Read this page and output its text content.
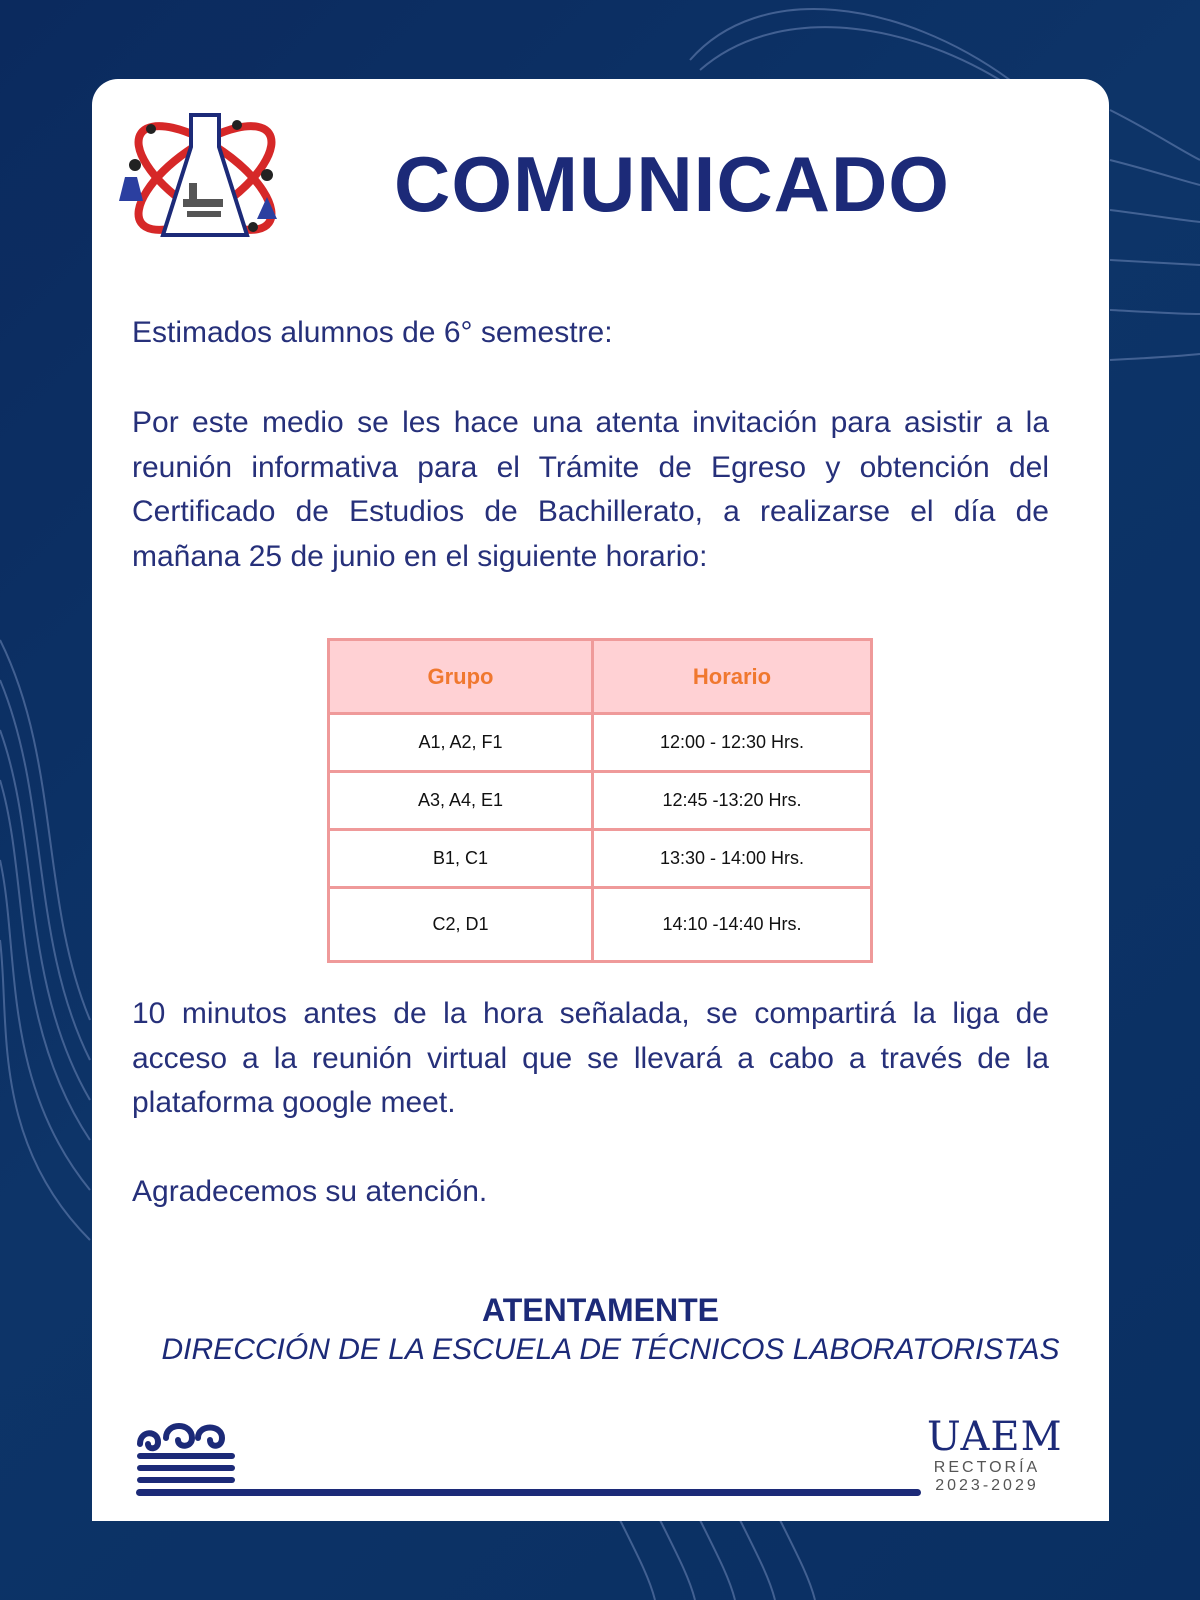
COMUNICADO
Estimados alumnos de 6° semestre:
Por este medio se les hace una atenta invitación para asistir a la reunión informativa para el Trámite de Egreso y obtención del Certificado de Estudios de Bachillerato, a realizarse el día de mañana 25 de junio en el siguiente horario:
Grupo	Horario
A1, A2, F1	12:00 - 12:30 Hrs.
A3, A4, E1	12:45 -13:20 Hrs.
B1, C1	13:30 - 14:00 Hrs.
C2, D1	14:10 -14:40 Hrs.
10 minutos antes de la hora señalada, se compartirá la liga de acceso a la reunión virtual que se llevará a cabo a través de la plataforma google meet.
Agradecemos su atención.
ATENTAMENTE
DIRECCIÓN DE LA ESCUELA DE TÉCNICOS LABORATORISTAS
UAEM
RECTORÍA
2023-2029
